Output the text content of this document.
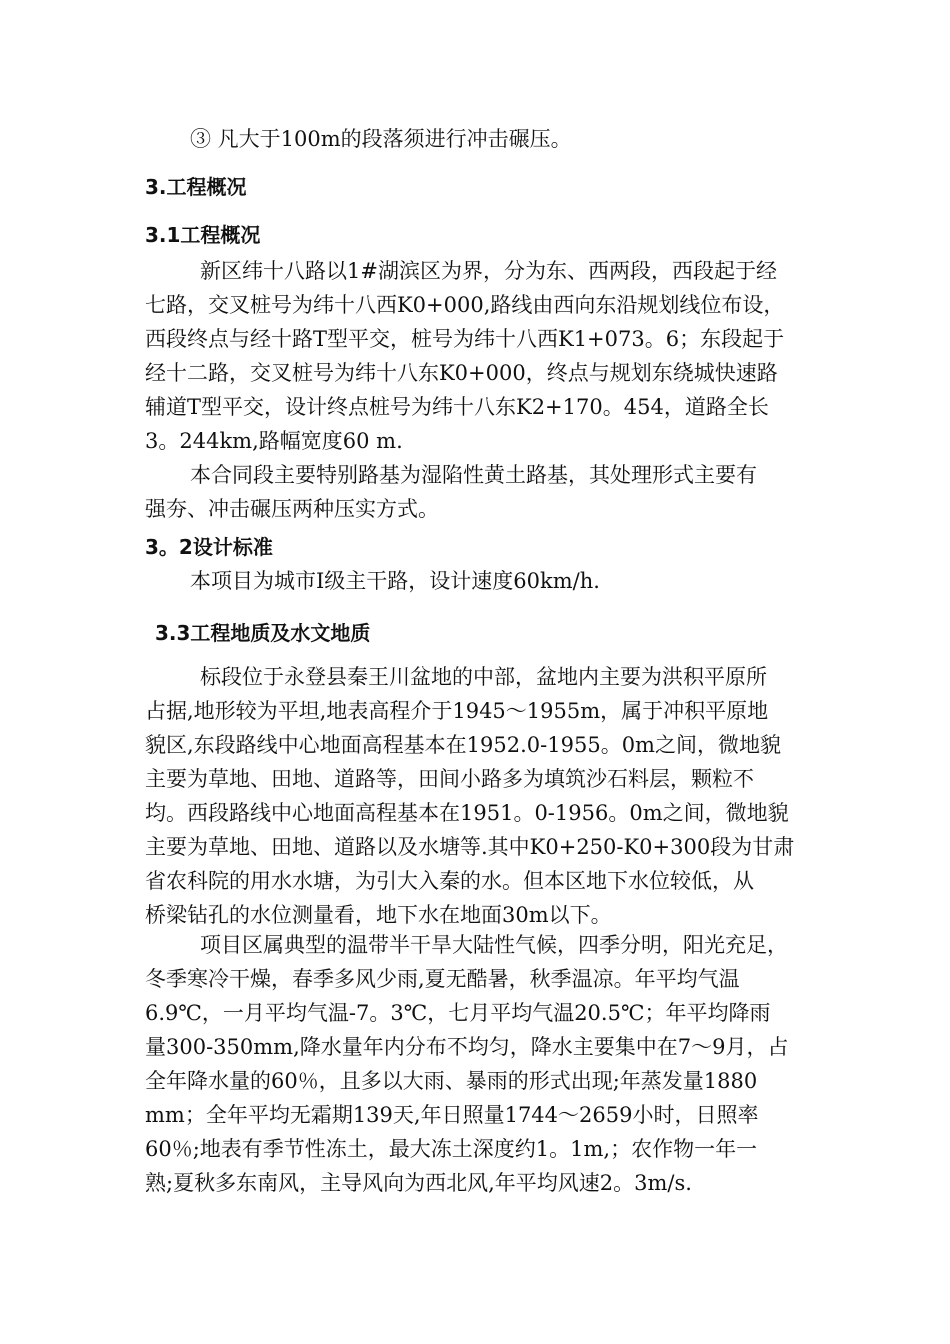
③ 凡大于100m的段落须进行冲击碾压。
3.工程概况
3.1工程概况
新区纬十八路以1#湖滨区为界，分为东、西两段，西段起于经
七路，交叉桩号为纬十八西K0+000,路线由西向东沿规划线位布设，
西段终点与经十路T型平交，桩号为纬十八西K1+073。6；东段起于
经十二路，交叉桩号为纬十八东K0+000，终点与规划东绕城快速路
辅道T型平交，设计终点桩号为纬十八东K2+170。454，道路全长
3。244km,路幅宽度60 m.
本合同段主要特别路基为湿陷性黄土路基，其处理形式主要有
强夯、冲击碾压两种压实方式。
3。2设计标准
本项目为城市Ⅰ级主干路，设计速度60km/h.
3.3工程地质及水文地质
标段位于永登县秦王川盆地的中部，盆地内主要为洪积平原所
占据,地形较为平坦,地表高程介于1945～1955m，属于冲积平原地
貌区,东段路线中心地面高程基本在1952.0-1955。0m之间，微地貌
主要为草地、田地、道路等，田间小路多为填筑沙石料层，颗粒不
均。西段路线中心地面高程基本在1951。0-1956。0m之间，微地貌
主要为草地、田地、道路以及水塘等.其中K0+250-K0+300段为甘肃
省农科院的用水水塘，为引大入秦的水。但本区地下水位较低，从
桥梁钻孔的水位测量看，地下水在地面30m以下。
项目区属典型的温带半干旱大陆性气候，四季分明，阳光充足，
冬季寒冷干燥，春季多风少雨,夏无酷暑，秋季温凉。年平均气温
6.9℃，一月平均气温-7。3℃，七月平均气温20.5℃；年平均降雨
量300-350mm,降水量年内分布不均匀，降水主要集中在7～9月，占
全年降水量的60％，且多以大雨、暴雨的形式出现;年蒸发量1880
mm；全年平均无霜期139天,年日照量1744～2659小时，日照率
60％;地表有季节性冻土，最大冻土深度约1。1m,；农作物一年一
熟;夏秋多东南风，主导风向为西北风,年平均风速2。3m/s.
